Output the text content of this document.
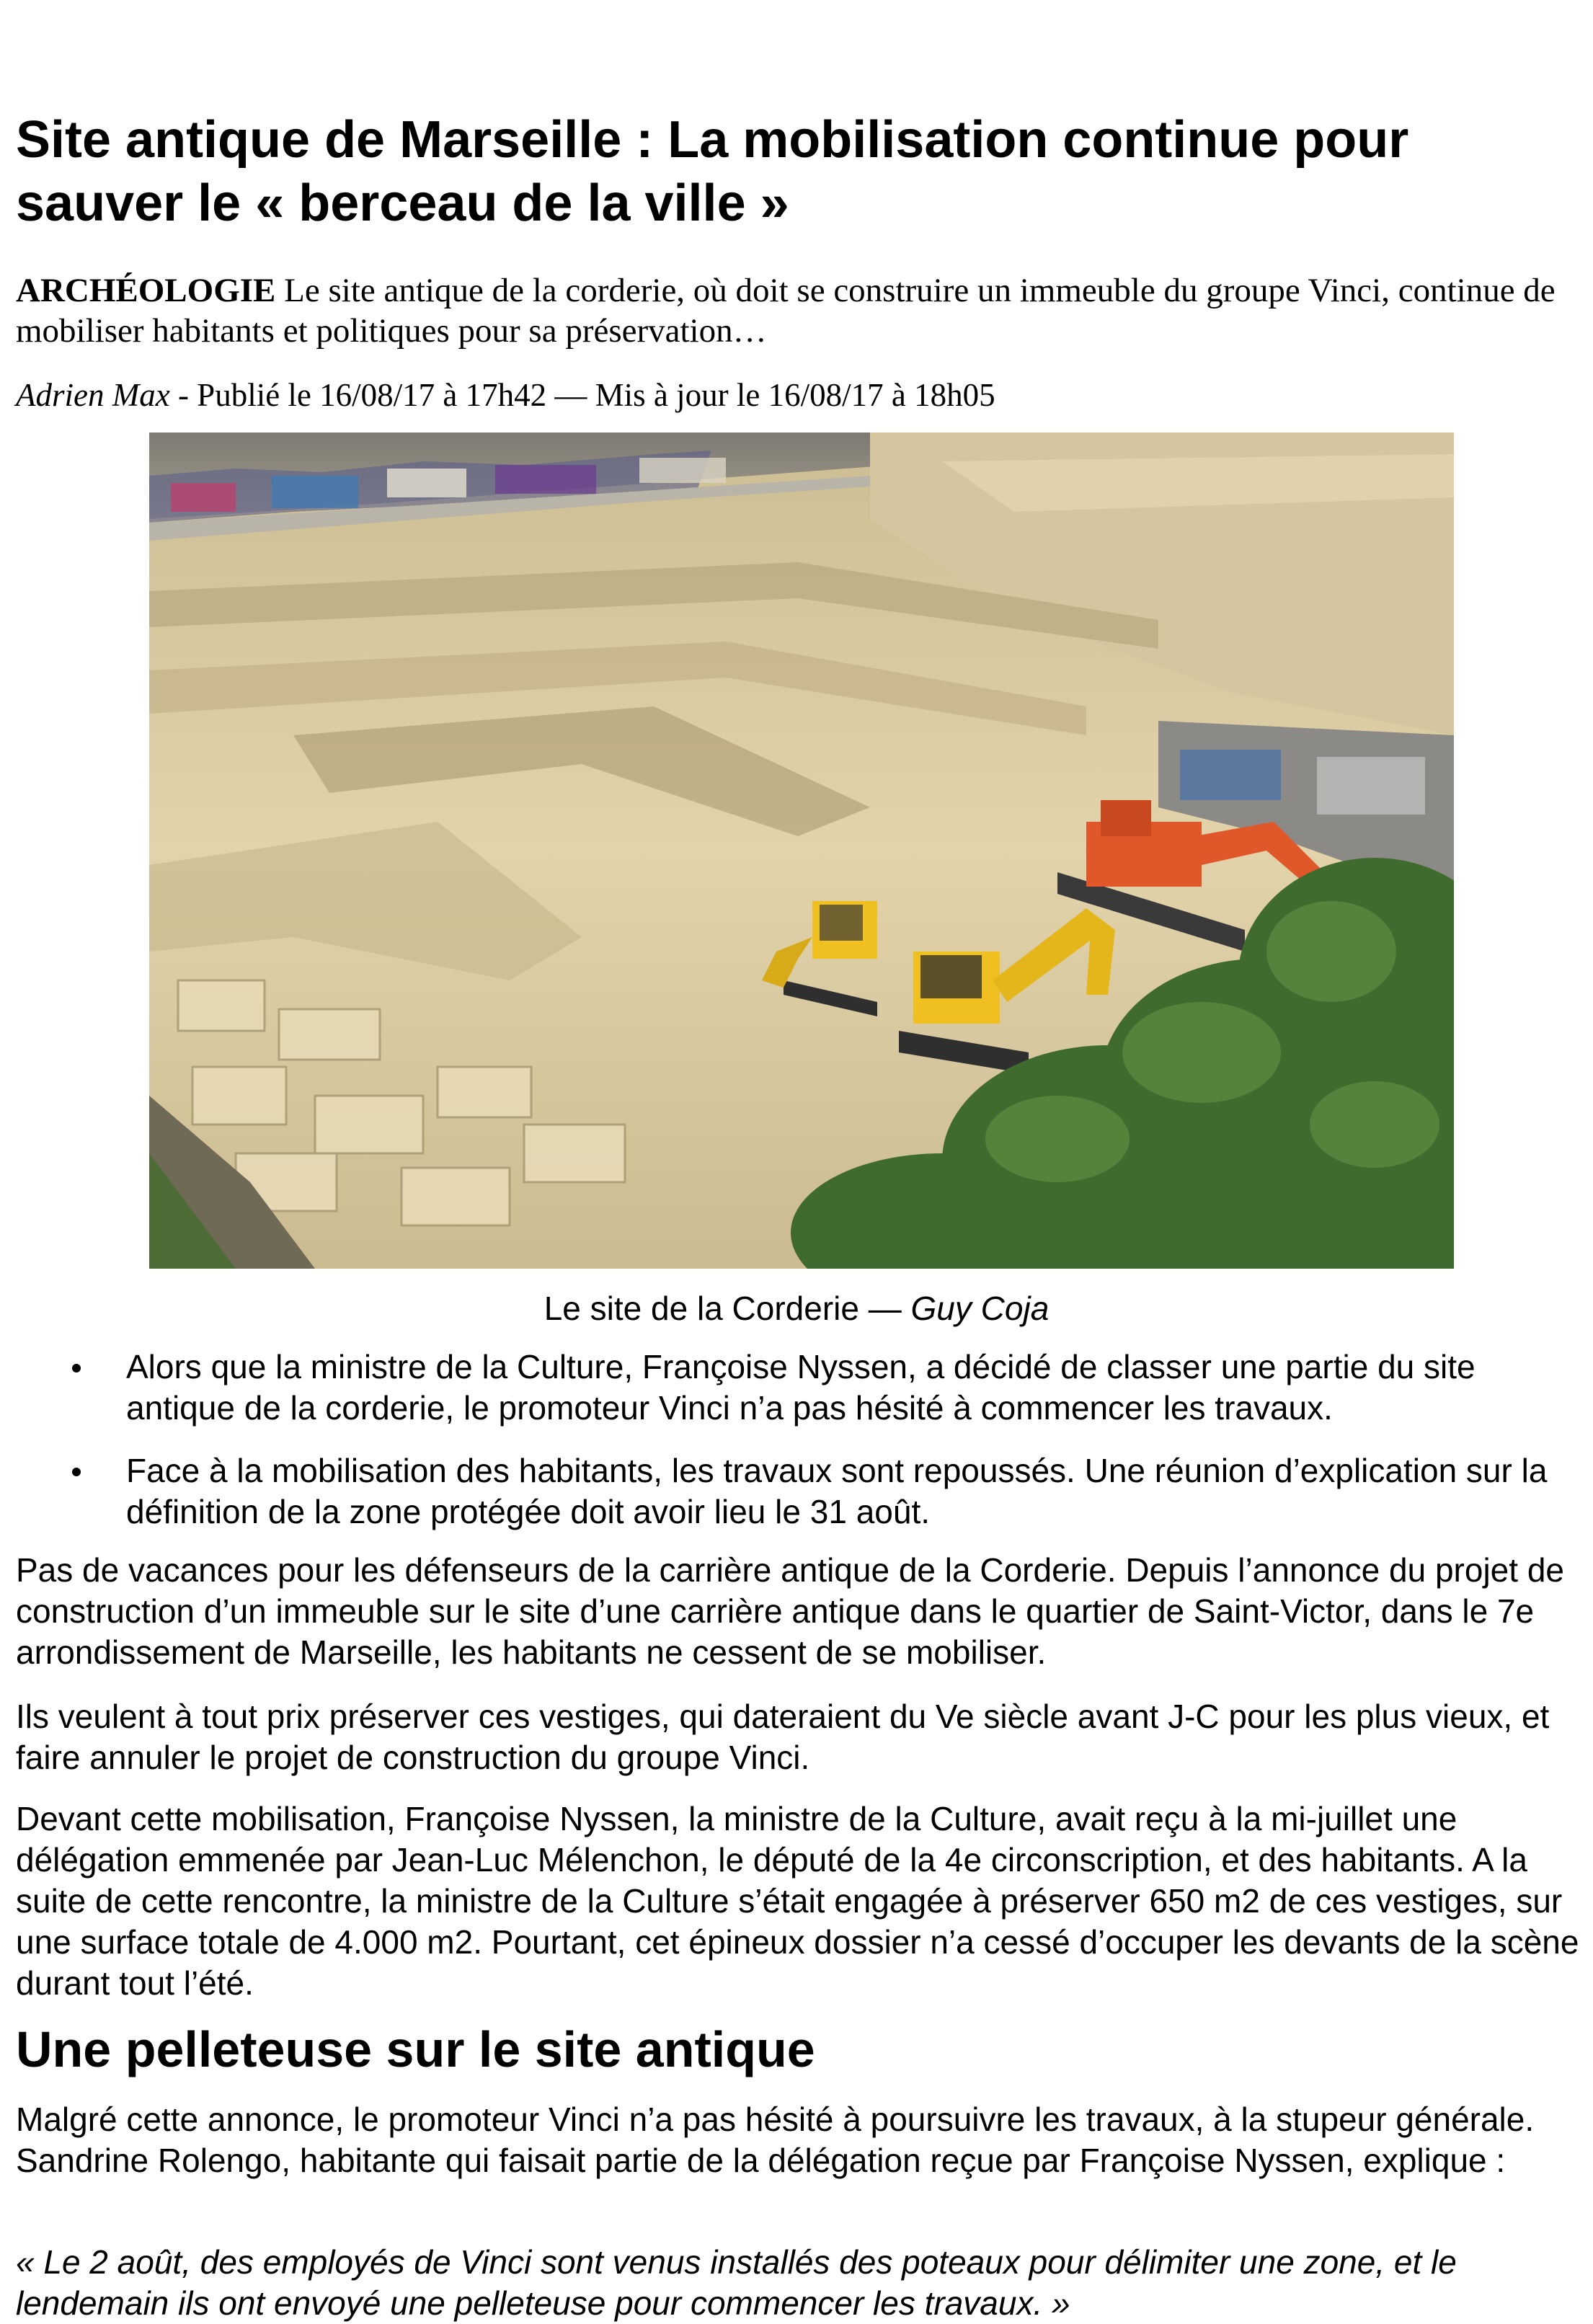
Site antique de Marseille : La mobilisation continue pour sauver le « berceau de la ville »

ARCHÉOLOGIE Le site antique de la corderie, où doit se construire un immeuble du groupe Vinci, continue de mobiliser habitants et politiques pour sa préservation…

Adrien Max - Publié le 16/08/17 à 17h42 — Mis à jour le 16/08/17 à 18h05

Le site de la Corderie — Guy Coja

Alors que la ministre de la Culture, Françoise Nyssen, a décidé de classer une partie du site antique de la corderie, le promoteur Vinci n’a pas hésité à commencer les travaux.
Face à la mobilisation des habitants, les travaux sont repoussés. Une réunion d’explication sur la définition de la zone protégée doit avoir lieu le 31 août.

Pas de vacances pour les défenseurs de la carrière antique de la Corderie. Depuis l’annonce du projet de construction d’un immeuble sur le site d’une carrière antique dans le quartier de Saint-Victor, dans le 7e arrondissement de Marseille, les habitants ne cessent de se mobiliser.

Ils veulent à tout prix préserver ces vestiges, qui dateraient du Ve siècle avant J-C pour les plus vieux, et faire annuler le projet de construction du groupe Vinci.

Devant cette mobilisation, Françoise Nyssen, la ministre de la Culture, avait reçu à la mi-juillet une délégation emmenée par Jean-Luc Mélenchon, le député de la 4e circonscription, et des habitants. A la suite de cette rencontre, la ministre de la Culture s’était engagée à préserver 650 m2 de ces vestiges, sur une surface totale de 4.000 m2. Pourtant, cet épineux dossier n’a cessé d’occuper les devants de la scène durant tout l’été.

Une pelleteuse sur le site antique

Malgré cette annonce, le promoteur Vinci n’a pas hésité à poursuivre les travaux, à la stupeur générale. Sandrine Rolengo, habitante qui faisait partie de la délégation reçue par Françoise Nyssen, explique :

« Le 2 août, des employés de Vinci sont venus installés des poteaux pour délimiter une zone, et le lendemain ils ont envoyé une pelleteuse pour commencer les travaux. »
